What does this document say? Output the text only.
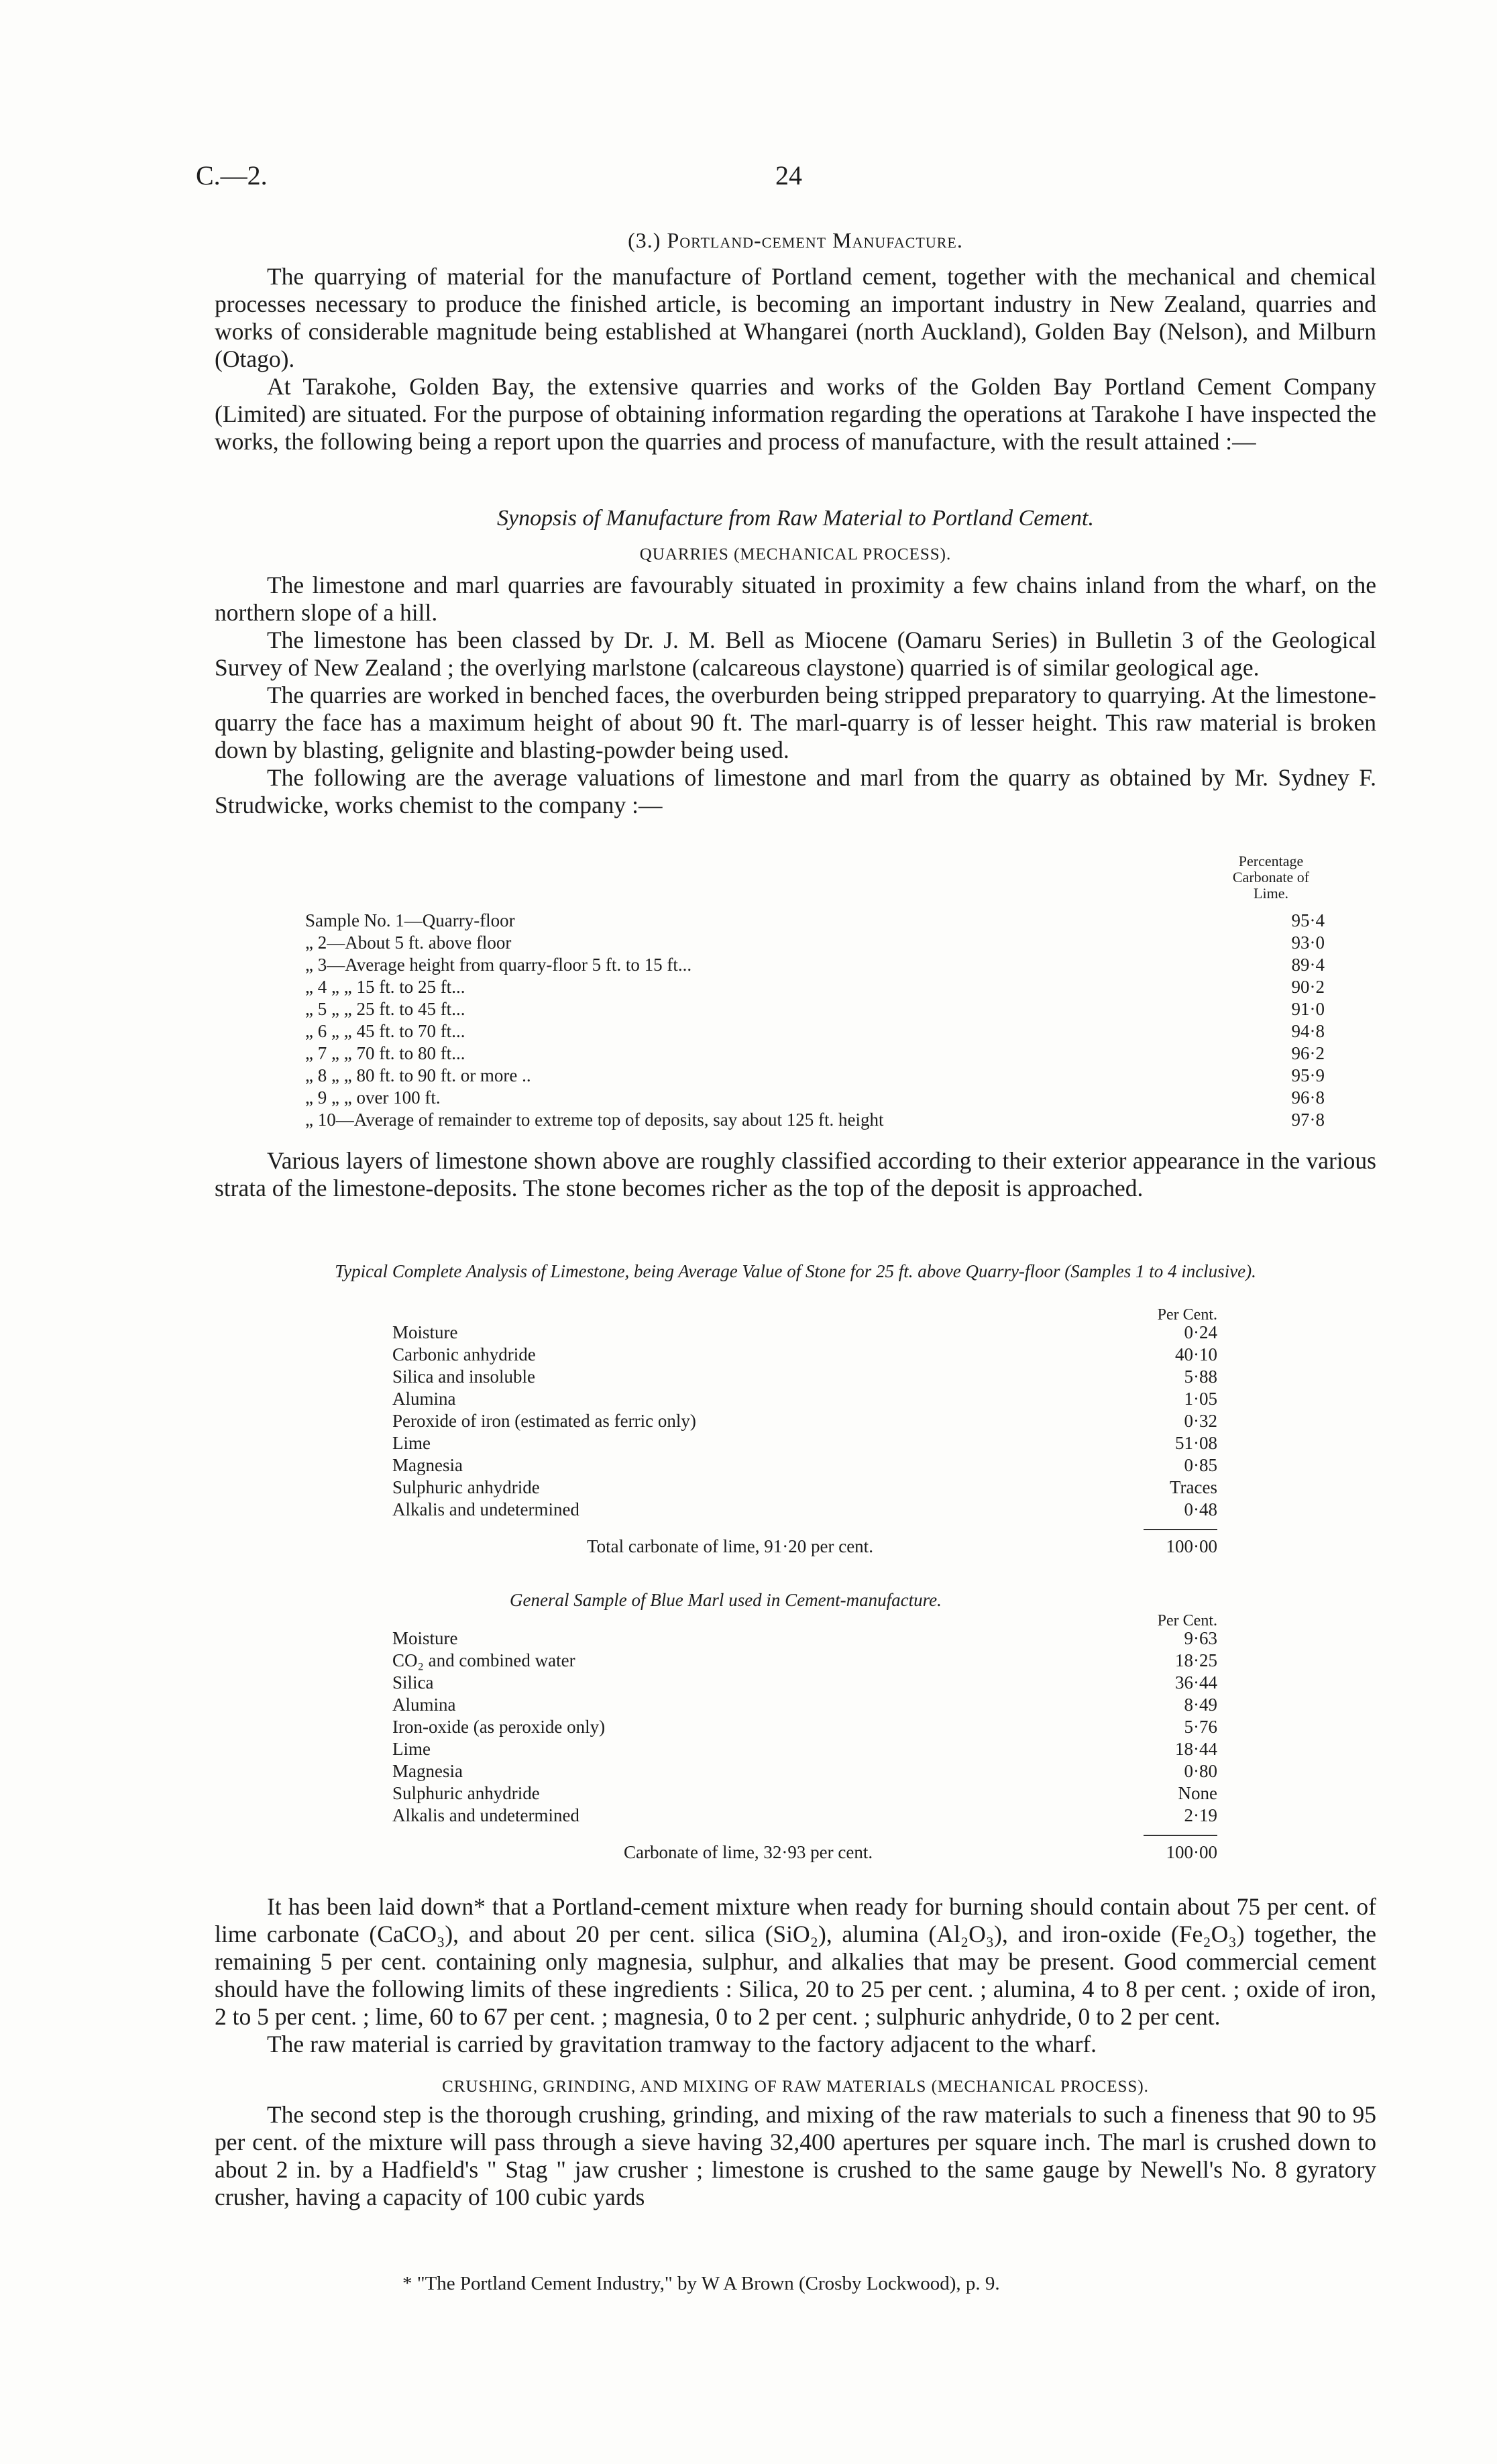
C.—2.	24
(3.) Portland-cement Manufacture.

The quarrying of material for the manufacture of Portland cement, together with the mechanical and chemical processes necessary to produce the finished article, is becoming an important industry in New Zealand, quarries and works of considerable magnitude being established at Whangarei (north Auckland), Golden Bay (Nelson), and Milburn (Otago).

At Tarakohe, Golden Bay, the extensive quarries and works of the Golden Bay Portland Cement Company (Limited) are situated. For the purpose of obtaining information regarding the operations at Tarakohe I have inspected the works, the following being a report upon the quarries and process of manufacture, with the result attained :—

Synopsis of Manufacture from Raw Material to Portland Cement.
QUARRIES (MECHANICAL PROCESS).

The limestone and marl quarries are favourably situated in proximity a few chains inland from the wharf, on the northern slope of a hill.

The limestone has been classed by Dr. J. M. Bell as Miocene (Oamaru Series) in Bulletin 3 of the Geological Survey of New Zealand ; the overlying marlstone (calcareous claystone) quarried is of similar geological age.

The quarries are worked in benched faces, the overburden being stripped preparatory to quarrying. At the limestone-quarry the face has a maximum height of about 90 ft. The marl-quarry is of lesser height. This raw material is broken down by blasting, gelignite and blasting-powder being used.

The following are the average valuations of limestone and marl from the quarry as obtained by Mr. Sydney F. Strudwicke, works chemist to the company :—

Percentage
Carbonate of
Lime.
Sample No. 1—Quarry-floor	95·4
„ 2—About 5 ft. above floor	93·0
„ 3—Average height from quarry-floor 5 ft. to 15 ft...	89·4
„ 4 „ „ 15 ft. to 25 ft...	90·2
„ 5 „ „ 25 ft. to 45 ft...	91·0
„ 6 „ „ 45 ft. to 70 ft...	94·8
„ 7 „ „ 70 ft. to 80 ft...	96·2
„ 8 „ „ 80 ft. to 90 ft. or more ..	95·9
„ 9 „ „ over 100 ft.	96·8
„ 10—Average of remainder to extreme top of deposits, say about 125 ft. height	97·8

Various layers of limestone shown above are roughly classified according to their exterior appearance in the various strata of the limestone-deposits. The stone becomes richer as the top of the deposit is approached.

Typical Complete Analysis of Limestone, being Average Value of Stone for 25 ft. above Quarry-floor (Samples 1 to 4 inclusive).
Per Cent.
Moisture	0·24
Carbonic anhydride	40·10
Silica and insoluble	5·88
Alumina	1·05
Peroxide of iron (estimated as ferric only)	0·32
Lime	51·08
Magnesia	0·85
Sulphuric anhydride	Traces
Alkalis and undetermined	0·48
Total carbonate of lime, 91·20 per cent.	100·00
General Sample of Blue Marl used in Cement-manufacture.
Per Cent.
Moisture	9·63
CO₂ and combined water	18·25
Silica	36·44
Alumina	8·49
Iron-oxide (as peroxide only)	5·76
Lime	18·44
Magnesia	0·80
Sulphuric anhydride	None
Alkalis and undetermined	2·19
Carbonate of lime, 32·93 per cent.	100·00

It has been laid down* that a Portland-cement mixture when ready for burning should contain about 75 per cent. of lime carbonate (CaCO₃), and about 20 per cent. silica (SiO₂), alumina (Al₂O₃), and iron-oxide (Fe₂O₃) together, the remaining 5 per cent. containing only magnesia, sulphur, and alkalies that may be present. Good commercial cement should have the following limits of these ingredients : Silica, 20 to 25 per cent. ; alumina, 4 to 8 per cent. ; oxide of iron, 2 to 5 per cent. ; lime, 60 to 67 per cent. ; magnesia, 0 to 2 per cent. ; sulphuric anhydride, 0 to 2 per cent.

The raw material is carried by gravitation tramway to the factory adjacent to the wharf.

CRUSHING, GRINDING, AND MIXING OF RAW MATERIALS (MECHANICAL PROCESS).

The second step is the thorough crushing, grinding, and mixing of the raw materials to such a fineness that 90 to 95 per cent. of the mixture will pass through a sieve having 32,400 apertures per square inch. The marl is crushed down to about 2 in. by a Hadfield's " Stag " jaw crusher ; limestone is crushed to the same gauge by Newell's No. 8 gyratory crusher, having a capacity of 100 cubic yards

* "The Portland Cement Industry," by W A Brown (Crosby Lockwood), p. 9.
